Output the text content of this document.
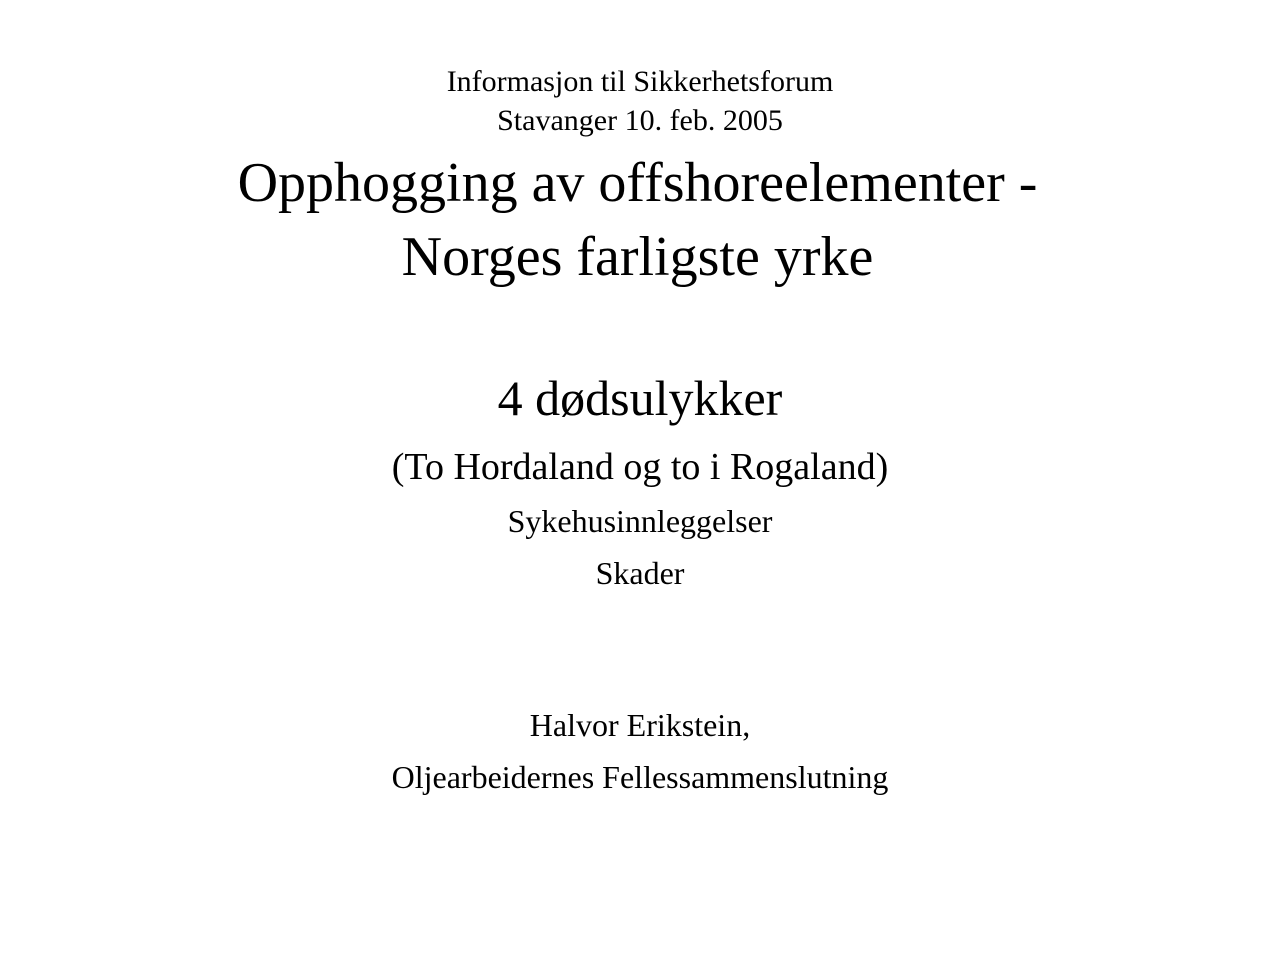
Informasjon til Sikkerhetsforum
Stavanger 10. feb. 2005
Opphogging av offshoreelementer -
Norges farligste yrke
4 dødsulykker
(To Hordaland og to i Rogaland)
Sykehusinnleggelser
Skader
Halvor Erikstein,
Oljearbeidernes Fellessammenslutning
